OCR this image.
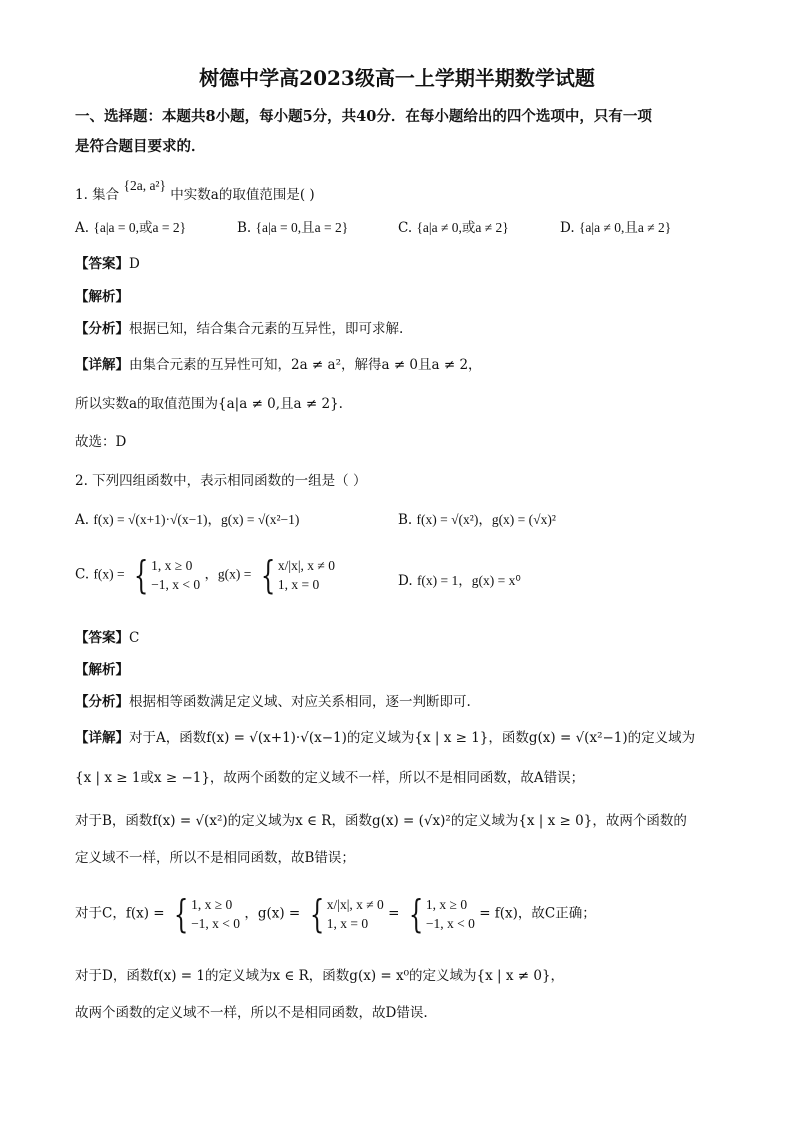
树德中学高2023级高一上学期半期数学试题
一、选择题：本题共8小题，每小题5分，共40分．在每小题给出的四个选项中，只有一项
是符合题目要求的．
1. 集合 {2a, a²} 中实数a的取值范围是( )
A. {a|a = 0,或a = 2}	B. {a|a = 0,且a = 2}	C. {a|a ≠ 0,或a ≠ 2}	D. {a|a ≠ 0,且a ≠ 2}
【答案】D
【解析】
【分析】根据已知，结合集合元素的互异性，即可求解.
【详解】由集合元素的互异性可知，2a ≠ a²，解得a ≠ 0且a ≠ 2，
所以实数a的取值范围为{a|a ≠ 0,且a ≠ 2}.
故选：D
2. 下列四组函数中，表示相同函数的一组是（ ）
A. f(x) = √(x+1)·√(x−1)，g(x) = √(x²−1)	B. f(x) = √(x²)，g(x) = (√x)²
C. f(x) = { 1, x ≥ 0
−1, x < 0
，g(x) = { x/|x|, x ≠ 0
1, x = 0	D. f(x) = 1，g(x) = x⁰
【答案】C
【解析】
【分析】根据相等函数满足定义域、对应关系相同，逐一判断即可.
【详解】对于A，函数f(x) = √(x+1)·√(x−1)的定义域为{x | x ≥ 1}，函数g(x) = √(x²−1)的定义域为
{x | x ≥ 1或x ≥ −1}，故两个函数的定义域不一样，所以不是相同函数，故A错误；
对于B，函数f(x) = √(x²)的定义域为x ∈ R，函数g(x) = (√x)²的定义域为{x | x ≥ 0}，故两个函数的
定义域不一样，所以不是相同函数，故B错误；
对于C，f(x) = { 1, x ≥ 0
−1, x < 0
，g(x) = { x/|x|, x ≠ 0
1, x = 0
= { 1, x ≥ 0
−1, x < 0
= f(x)，故C正确；
对于D，函数f(x) = 1的定义域为x ∈ R，函数g(x) = x⁰的定义域为{x | x ≠ 0}，
故两个函数的定义域不一样，所以不是相同函数，故D错误.
